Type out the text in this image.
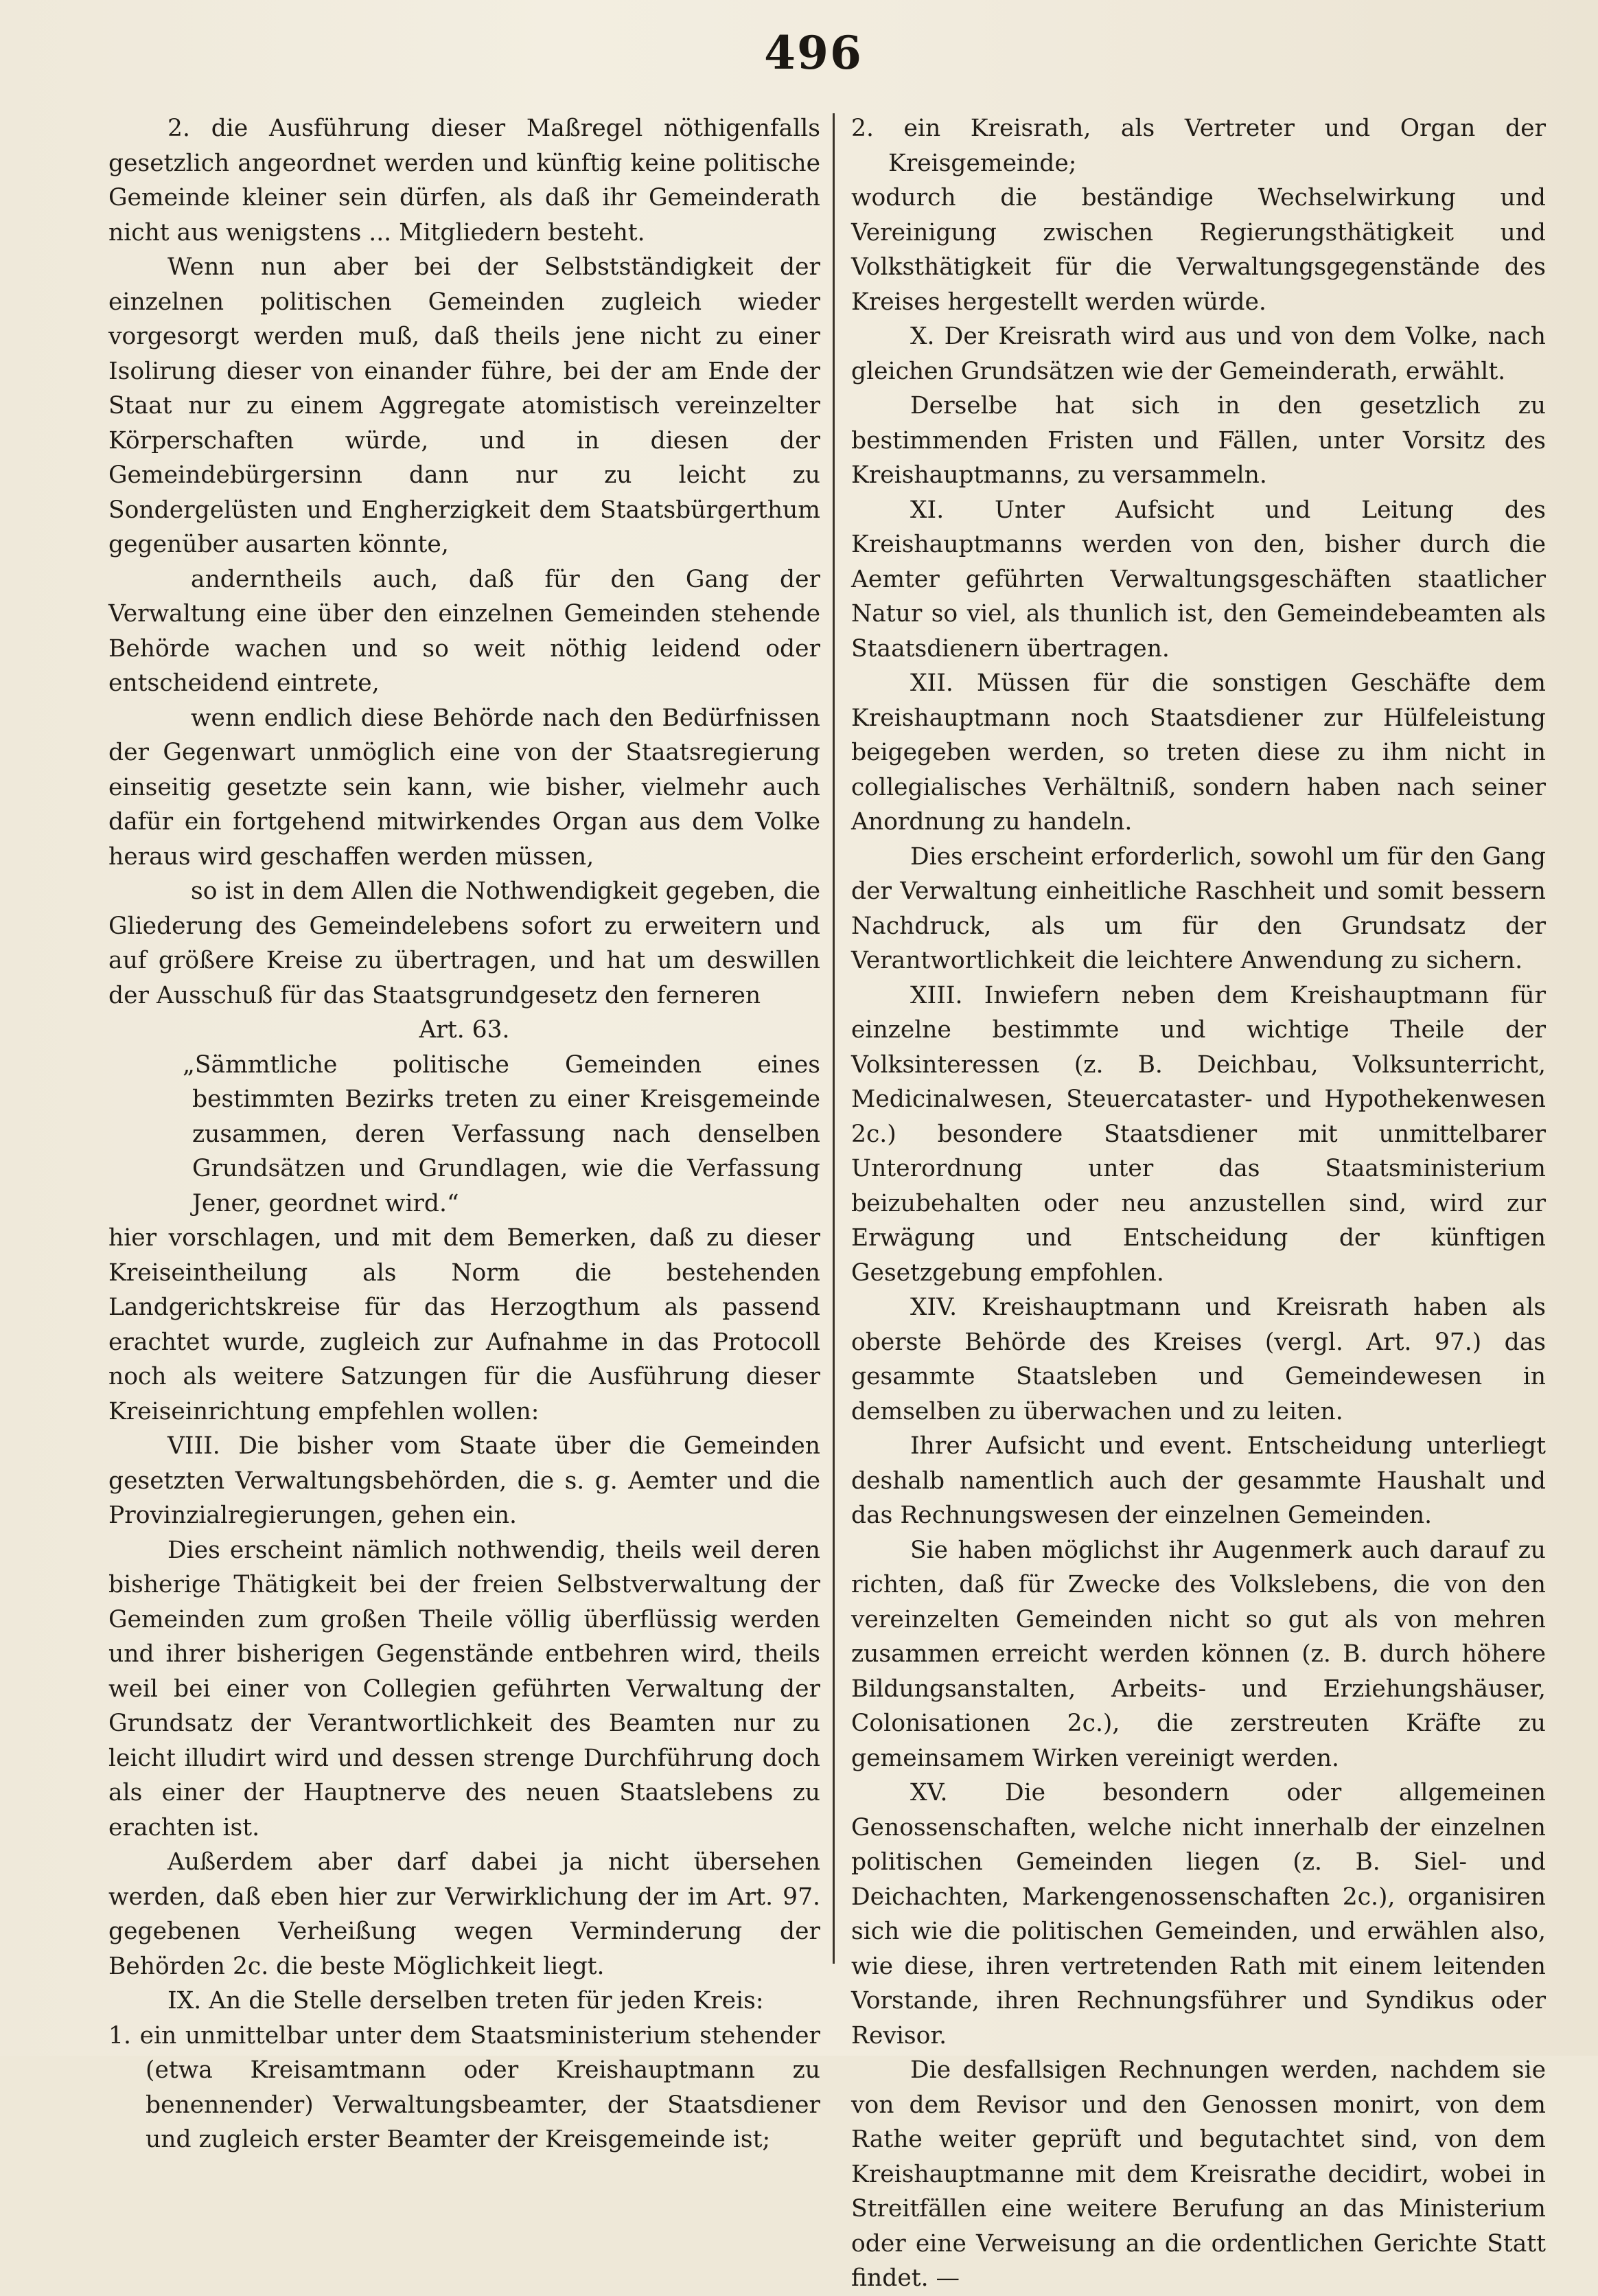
496

2. die Ausführung dieser Maßregel nöthigenfalls gesetzlich angeordnet werden und künftig keine politische Gemeinde kleiner sein dürfen, als daß ihr Gemeinderath nicht aus wenigstens ... Mitgliedern besteht.

Wenn nun aber bei der Selbstständigkeit der einzelnen politischen Gemeinden zugleich wieder vorgesorgt werden muß, daß theils jene nicht zu einer Isolirung dieser von einander führe, bei der am Ende der Staat nur zu einem Aggregate atomistisch vereinzelter Körperschaften würde, und in diesen der Gemeindebürgersinn dann nur zu leicht zu Sondergelüsten und Engherzigkeit dem Staatsbürgerthum gegenüber ausarten könnte,

anderntheils auch, daß für den Gang der Verwaltung eine über den einzelnen Gemeinden stehende Behörde wachen und so weit nöthig leidend oder entscheidend eintrete,

wenn endlich diese Behörde nach den Bedürfnissen der Gegenwart unmöglich eine von der Staatsregierung einseitig gesetzte sein kann, wie bisher, vielmehr auch dafür ein fortgehend mitwirkendes Organ aus dem Volke heraus wird geschaffen werden müssen,

so ist in dem Allen die Nothwendigkeit gegeben, die Gliederung des Gemeindelebens sofort zu erweitern und auf größere Kreise zu übertragen, und hat um deswillen der Ausschuß für das Staatsgrundgesetz den ferneren

Art. 63.

„Sämmtliche politische Gemeinden eines bestimmten Bezirks treten zu einer Kreisgemeinde zusammen, deren Verfassung nach denselben Grundsätzen und Grundlagen, wie die Verfassung Jener, geordnet wird.“

hier vorschlagen, und mit dem Bemerken, daß zu dieser Kreiseintheilung als Norm die bestehenden Landgerichtskreise für das Herzogthum als passend erachtet wurde, zugleich zur Aufnahme in das Protocoll noch als weitere Satzungen für die Ausführung dieser Kreiseinrichtung empfehlen wollen:

VIII. Die bisher vom Staate über die Gemeinden gesetzten Verwaltungsbehörden, die s. g. Aemter und die Provinzialregierungen, gehen ein.

Dies erscheint nämlich nothwendig, theils weil deren bisherige Thätigkeit bei der freien Selbstverwaltung der Gemeinden zum großen Theile völlig überflüssig werden und ihrer bisherigen Gegenstände entbehren wird, theils weil bei einer von Collegien geführten Verwaltung der Grundsatz der Verantwortlichkeit des Beamten nur zu leicht illudirt wird und dessen strenge Durchführung doch als einer der Hauptnerve des neuen Staatslebens zu erachten ist.

Außerdem aber darf dabei ja nicht übersehen werden, daß eben hier zur Verwirklichung der im Art. 97. gegebenen Verheißung wegen Verminderung der Behörden 2c. die beste Möglichkeit liegt.

IX. An die Stelle derselben treten für jeden Kreis:

1. ein unmittelbar unter dem Staatsministerium stehender (etwa Kreisamtmann oder Kreishauptmann zu benennender) Verwaltungsbeamter, der Staatsdiener und zugleich erster Beamter der Kreisgemeinde ist;

2. ein Kreisrath, als Vertreter und Organ der Kreisgemeinde;

wodurch die beständige Wechselwirkung und Vereinigung zwischen Regierungsthätigkeit und Volksthätigkeit für die Verwaltungsgegenstände des Kreises hergestellt werden würde.

X. Der Kreisrath wird aus und von dem Volke, nach gleichen Grundsätzen wie der Gemeinderath, erwählt.

Derselbe hat sich in den gesetzlich zu bestimmenden Fristen und Fällen, unter Vorsitz des Kreishauptmanns, zu versammeln.

XI. Unter Aufsicht und Leitung des Kreishauptmanns werden von den, bisher durch die Aemter geführten Verwaltungsgeschäften staatlicher Natur so viel, als thunlich ist, den Gemeindebeamten als Staatsdienern übertragen.

XII. Müssen für die sonstigen Geschäfte dem Kreishauptmann noch Staatsdiener zur Hülfeleistung beigegeben werden, so treten diese zu ihm nicht in collegialisches Verhältniß, sondern haben nach seiner Anordnung zu handeln.

Dies erscheint erforderlich, sowohl um für den Gang der Verwaltung einheitliche Raschheit und somit bessern Nachdruck, als um für den Grundsatz der Verantwortlichkeit die leichtere Anwendung zu sichern.

XIII. Inwiefern neben dem Kreishauptmann für einzelne bestimmte und wichtige Theile der Volksinteressen (z. B. Deichbau, Volksunterricht, Medicinalwesen, Steuercataster- und Hypothekenwesen 2c.) besondere Staatsdiener mit unmittelbarer Unterordnung unter das Staatsministerium beizubehalten oder neu anzustellen sind, wird zur Erwägung und Entscheidung der künftigen Gesetzgebung empfohlen.

XIV. Kreishauptmann und Kreisrath haben als oberste Behörde des Kreises (vergl. Art. 97.) das gesammte Staatsleben und Gemeindewesen in demselben zu überwachen und zu leiten.

Ihrer Aufsicht und event. Entscheidung unterliegt deshalb namentlich auch der gesammte Haushalt und das Rechnungswesen der einzelnen Gemeinden.

Sie haben möglichst ihr Augenmerk auch darauf zu richten, daß für Zwecke des Volkslebens, die von den vereinzelten Gemeinden nicht so gut als von mehren zusammen erreicht werden können (z. B. durch höhere Bildungsanstalten, Arbeits- und Erziehungshäuser, Colonisationen 2c.), die zerstreuten Kräfte zu gemeinsamem Wirken vereinigt werden.

XV. Die besondern oder allgemeinen Genossenschaften, welche nicht innerhalb der einzelnen politischen Gemeinden liegen (z. B. Siel- und Deichachten, Markengenossenschaften 2c.), organisiren sich wie die politischen Gemeinden, und erwählen also, wie diese, ihren vertretenden Rath mit einem leitenden Vorstande, ihren Rechnungsführer und Syndikus oder Revisor.

Die desfallsigen Rechnungen werden, nachdem sie von dem Revisor und den Genossen monirt, von dem Rathe weiter geprüft und begutachtet sind, von dem Kreishauptmanne mit dem Kreisrathe decidirt, wobei in Streitfällen eine weitere Berufung an das Ministerium oder eine Verweisung an die ordentlichen Gerichte Statt findet. —
